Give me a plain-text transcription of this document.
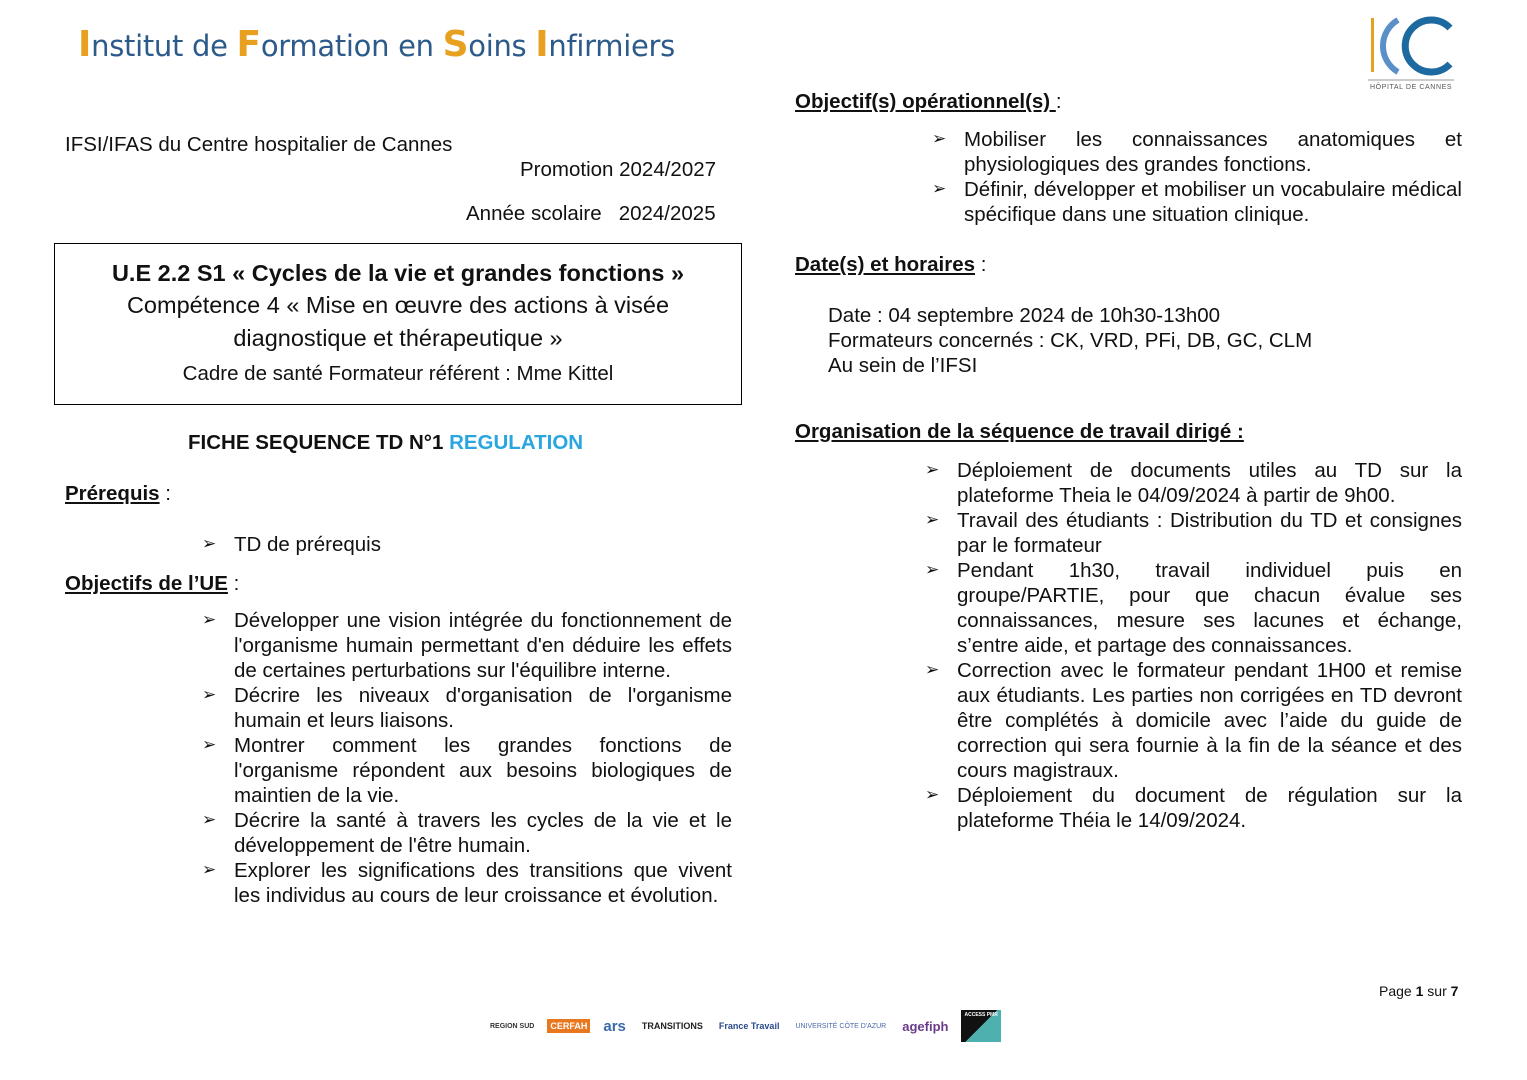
Institut de Formation en Soins Infirmiers
HÔPITAL DE CANNES
IFSI/IFAS du Centre hospitalier de Cannes
Promotion 2024/2027
Année scolaire   2024/2025
U.E 2.2 S1 « Cycles de la vie et grandes fonctions »
Compétence 4 « Mise en œuvre des actions à visée
diagnostique et thérapeutique »
Cadre de santé Formateur référent : Mme Kittel
FICHE SEQUENCE TD N°1 REGULATION
Prérequis :
➢ TD de prérequis
Objectifs de l’UE :
➢ Développer une vision intégrée du fonctionnement de l'organisme humain permettant d'en déduire les effets de certaines perturbations sur l'équilibre interne.
➢ Décrire les niveaux d'organisation de l'organisme humain et leurs liaisons.
➢ Montrer comment les grandes fonctions de l'organisme répondent aux besoins biologiques de maintien de la vie.
➢ Décrire la santé à travers les cycles de la vie et le développement de l'être humain.
➢ Explorer les significations des transitions que vivent les individus au cours de leur croissance et évolution.
Objectif(s) opérationnel(s) :
➢ Mobiliser les connaissances anatomiques et physiologiques des grandes fonctions.
➢ Définir, développer et mobiliser un vocabulaire médical spécifique dans une situation clinique.
Date(s) et horaires :
Date : 04 septembre 2024 de 10h30-13h00
Formateurs concernés : CK, VRD, PFi, DB, GC, CLM
Au sein de l’IFSI
Organisation de la séquence de travail dirigé :
➢ Déploiement de documents utiles au TD sur la plateforme Theia le 04/09/2024 à partir de 9h00.
➢ Travail des étudiants : Distribution du TD et consignes par le formateur
➢ Pendant 1h30, travail individuel puis en groupe/PARTIE, pour que chacun évalue ses connaissances, mesure ses lacunes et échange, s’entre aide, et partage des connaissances.
➢ Correction avec le formateur pendant 1H00 et remise aux étudiants. Les parties non corrigées en TD devront être complétés à domicile avec l’aide du guide de correction qui sera fournie à la fin de la séance et des cours magistraux.
➢ Déploiement du document de régulation sur la plateforme Théia le 14/09/2024.
Page 1 sur 7
REGION SUD	CERFAH ars	TRANSITIONS	France Travail	UNIVERSITÉ CÔTE D'AZUR agefiph
ACCESS PMR
